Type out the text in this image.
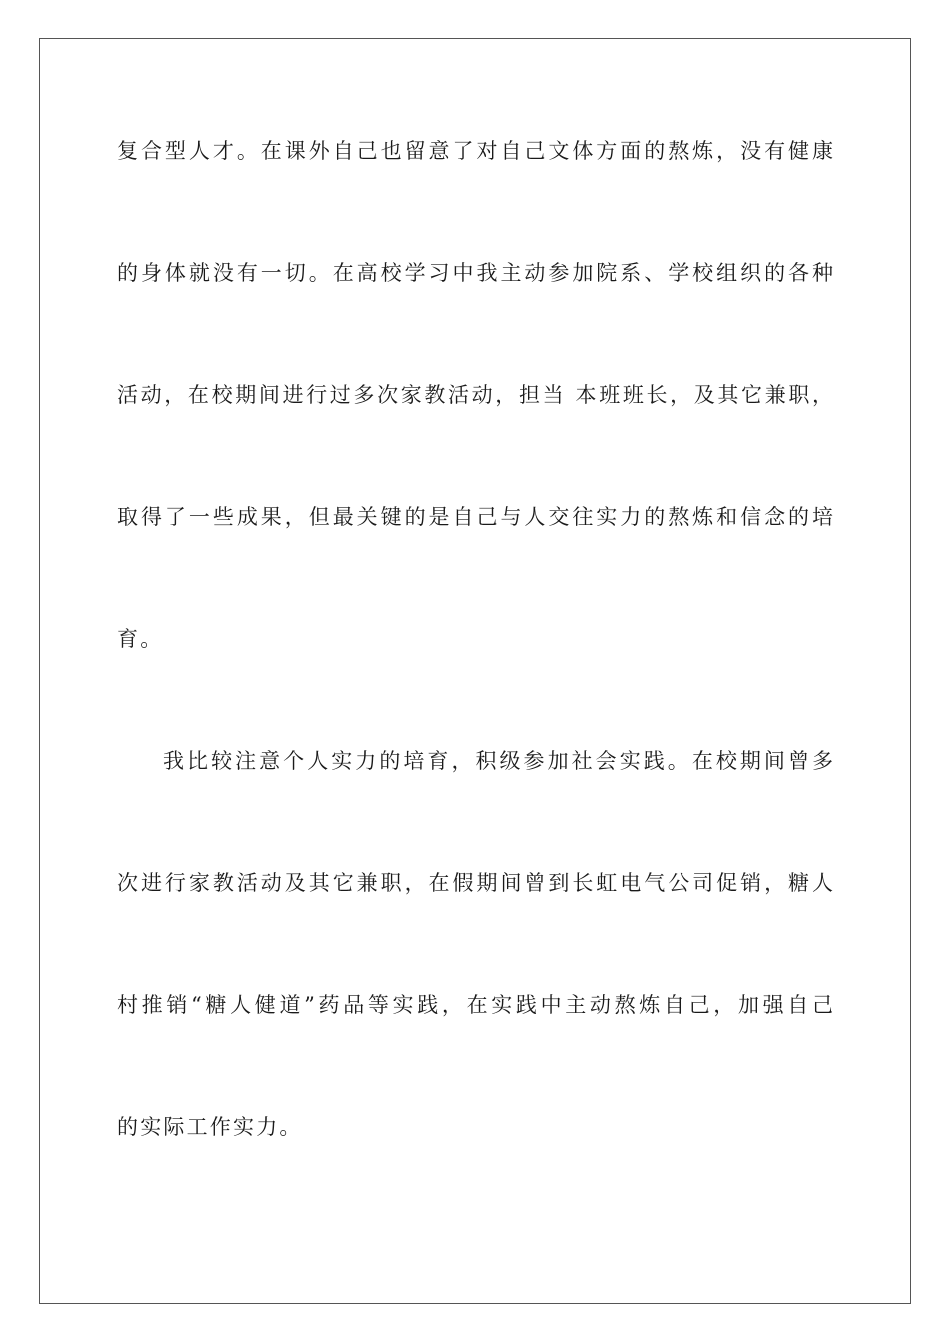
复合型人才。在课外自己也留意了对自己文体方面的熬炼，没有健康
的身体就没有一切。在高校学习中我主动参加院系、学校组织的各种
活动，在校期间进行过多次家教活动，担当 本班班长，及其它兼职，
取得了一些成果，但最关键的是自己与人交往实力的熬炼和信念的培
育。
我比较注意个人实力的培育，积级参加社会实践。在校期间曾多
次进行家教活动及其它兼职，在假期间曾到长虹电气公司促销，糖人
村推销“糖人健道”药品等实践，在实践中主动熬炼自己，加强自己
的实际工作实力。
